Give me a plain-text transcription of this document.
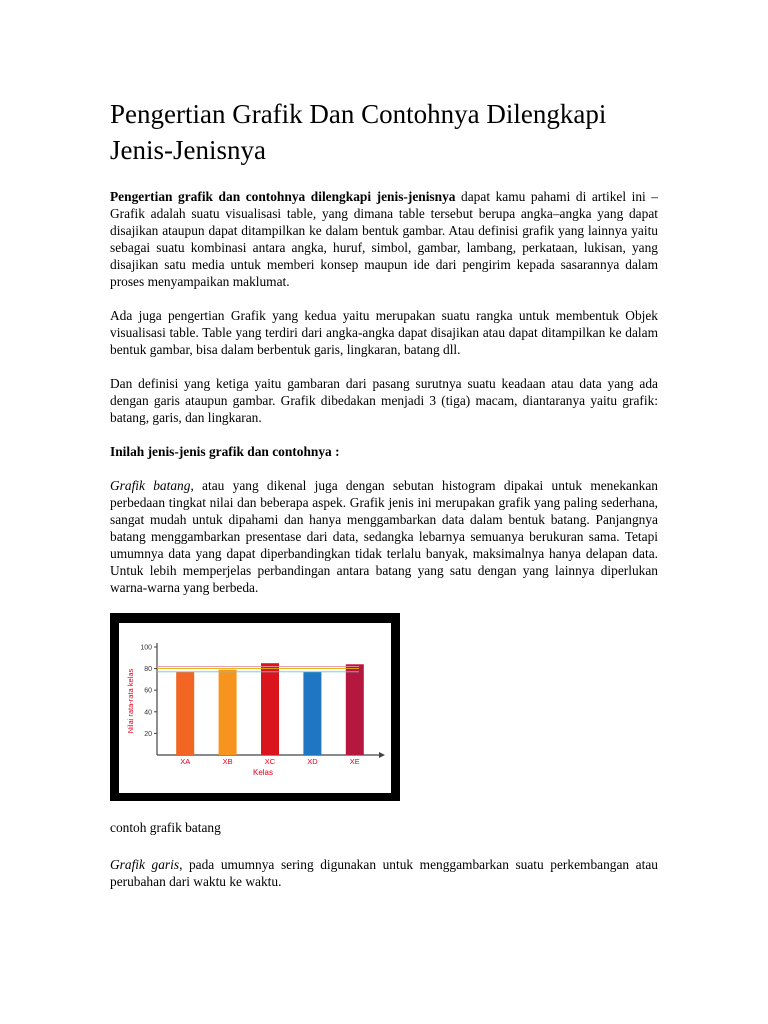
Pengertian Grafik Dan Contohnya Dilengkapi Jenis-Jenisnya

Pengertian grafik dan contohnya dilengkapi jenis-jenisnya dapat kamu pahami di artikel ini – Grafik adalah suatu visualisasi table, yang dimana table tersebut berupa angka–angka yang dapat disajikan ataupun dapat ditampilkan ke dalam bentuk gambar. Atau definisi grafik yang lainnya yaitu sebagai suatu kombinasi antara angka, huruf, simbol, gambar, lambang, perkataan, lukisan, yang disajikan satu media untuk memberi konsep maupun ide dari pengirim kepada sasarannya dalam proses menyampaikan maklumat.

Ada juga pengertian Grafik yang kedua yaitu merupakan suatu rangka untuk membentuk Objek visualisasi table. Table yang terdiri dari angka-angka dapat disajikan atau dapat ditampilkan ke dalam bentuk gambar, bisa dalam berbentuk garis, lingkaran, batang dll.

Dan definisi yang ketiga yaitu gambaran dari pasang surutnya suatu keadaan atau data yang ada dengan garis ataupun gambar. Grafik dibedakan menjadi 3 (tiga) macam, diantaranya yaitu grafik: batang, garis, dan lingkaran.

Inilah jenis-jenis grafik dan contohnya :

Grafik batang, atau yang dikenal juga dengan sebutan histogram dipakai untuk menekankan perbedaan tingkat nilai dan beberapa aspek. Grafik jenis ini merupakan grafik yang paling sederhana, sangat mudah untuk dipahami dan hanya menggambarkan data dalam bentuk batang. Panjangnya batang menggambarkan presentase dari data, sedangka lebarnya semuanya berukuran sama. Tetapi umumnya data yang dapat diperbandingkan tidak terlalu banyak, maksimalnya hanya delapan data. Untuk lebih memperjelas perbandingan antara batang yang satu dengan yang lainnya diperlukan warna-warna yang berbeda.

20
40
60
80
100
XA	XB	XC	XD	XE
Kelas
Nilai rata-rata kelas
contoh grafik batang

Grafik garis, pada umumnya sering digunakan untuk menggambarkan suatu perkembangan atau perubahan dari waktu ke waktu.
